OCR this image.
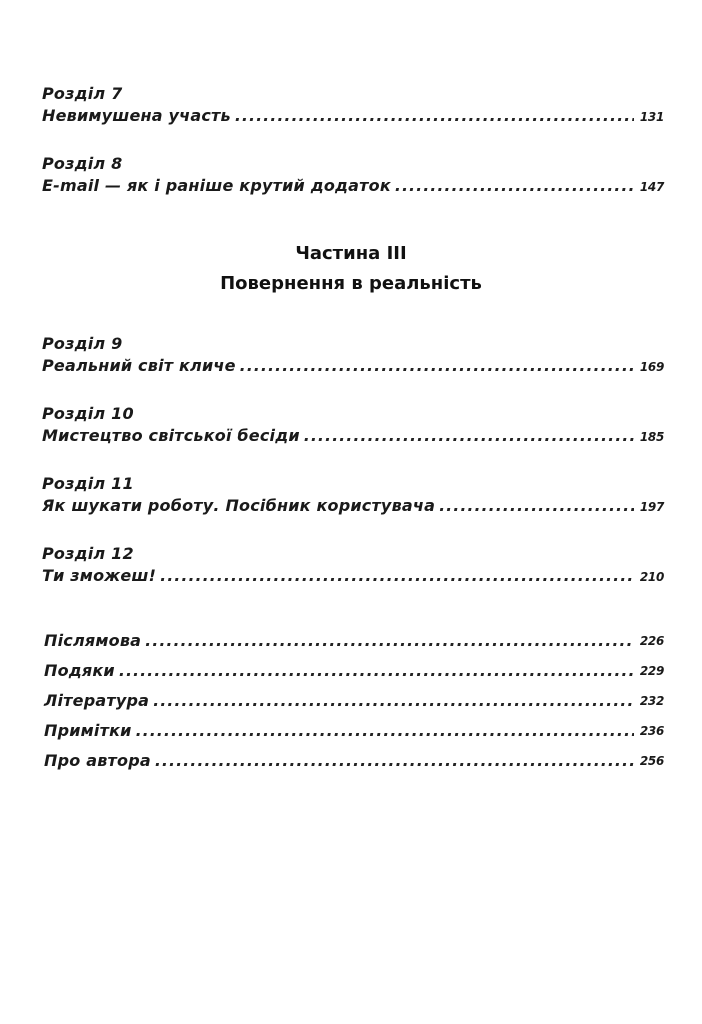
Розділ 7
Невимушена участь .....	131
Розділ 8
E-mail — як і раніше крутий додаток .....	147
Частина III
Повернення в реальність
Розділ 9
Реальний світ кличе .....	169
Розділ 10
Мистецтво світської бесіди .....	185
Розділ 11
Як шукати роботу. Посібник користувача .....	197
Розділ 12
Ти зможеш! .....	210
Післямова .....	226
Подяки .....	229
Література .....	232
Примітки .....	236
Про автора .....	256
